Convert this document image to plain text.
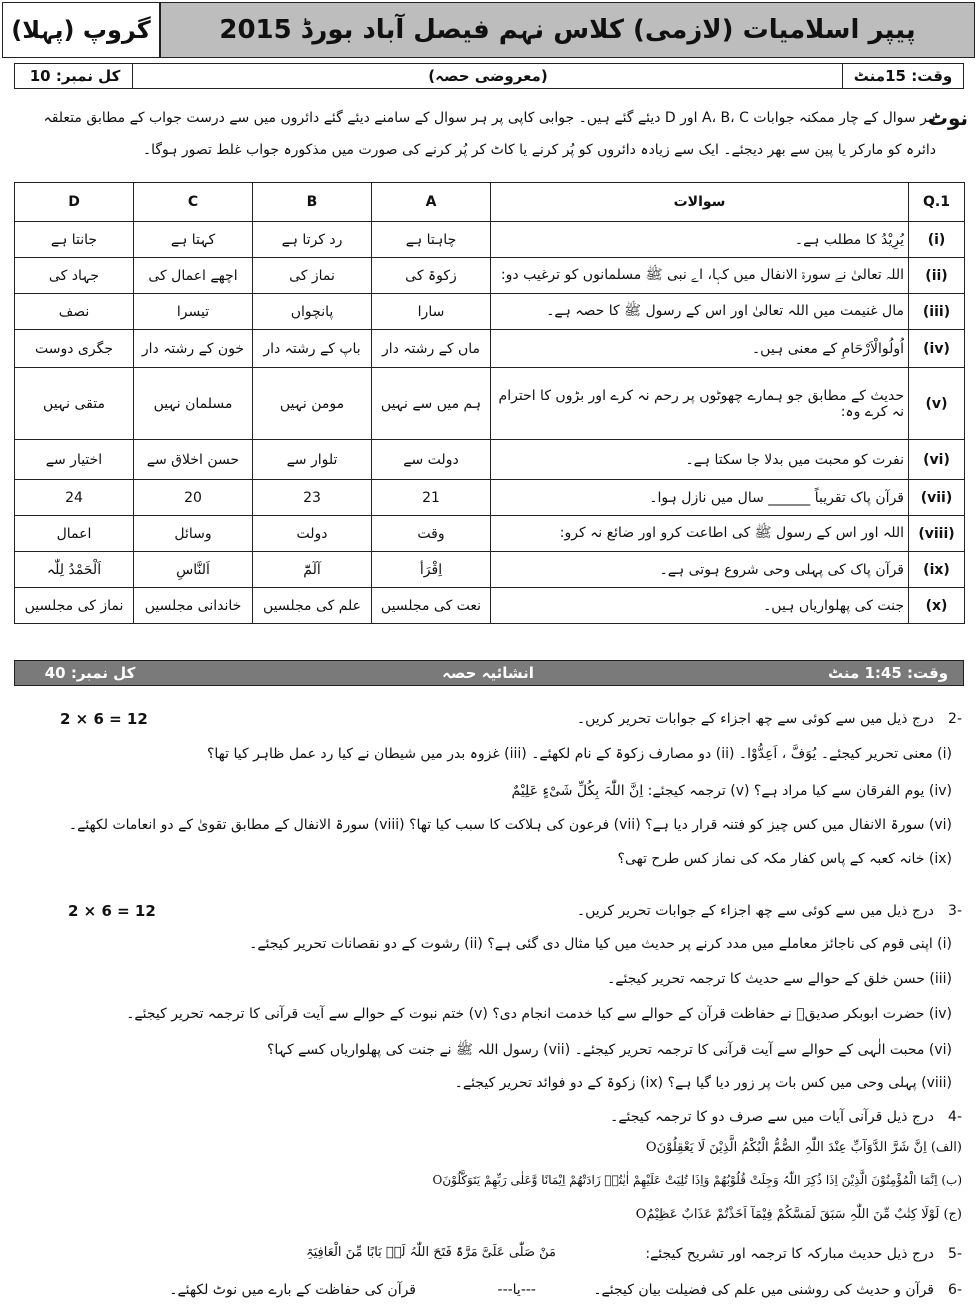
پیپر اسلامیات (لازمی) کلاس نہم فیصل آباد بورڈ 2015
گروپ (پہلا)
وقت: 15منٹ
(معروضی حصہ)
کل نمبر: 10
نوٹ
ہر سوال کے چار ممکنہ جوابات A، B، C اور D دیئے گئے ہیں۔ جوابی کاپی پر ہر سوال کے سامنے دیئے گئے دائروں میں سے درست جواب کے مطابق متعلقہ
دائرہ کو مارکر یا پین سے بھر دیجئے۔ ایک سے زیادہ دائروں کو پُر کرنے یا کاٹ کر پُر کرنے کی صورت میں مذکورہ جواب غلط تصور ہوگا۔
Q.1	سوالات	A	B	C	D
(i)	یُرِیْدُ کا مطلب ہے۔	چاہتا ہے	رد کرتا ہے	کہتا ہے	جانتا ہے
(ii)	اللہ تعالیٰ نے سورۃ الانفال میں کہا، اے نبی ﷺ مسلمانوں کو ترغیب دو:	زکوۃ کی	نماز کی	اچھے اعمال کی	جہاد کی
(iii)	مال غنیمت میں اللہ تعالیٰ اور اس کے رسول ﷺ کا حصہ ہے۔	سارا	پانچواں	تیسرا	نصف
(iv)	اُولُوالْاَرْحَامِ کے معنی ہیں۔	ماں کے رشتہ دار	باپ کے رشتہ دار	خون کے رشتہ دار	جگری دوست
(v)	حدیث کے مطابق جو ہمارے چھوٹوں پر رحم نہ کرے اور بڑوں کا احترام نہ کرے وہ:	ہم میں سے نہیں	مومن نہیں	مسلمان نہیں	متقی نہیں
(vi)	نفرت کو محبت میں بدلا جا سکتا ہے۔	دولت سے	تلوار سے	حسن اخلاق سے	اختیار سے
(vii)	قرآن پاک تقریباً ______ سال میں نازل ہوا۔	21	23	20	24
(viii)	اللہ اور اس کے رسول ﷺ کی اطاعت کرو اور ضائع نہ کرو:	وقت	دولت	وسائل	اعمال
(ix)	قرآن پاک کی پہلی وحی شروع ہوتی ہے۔	اِقْرَأ	آلٓمّٓ	اَلنَّاسِ	اَلْحَمْدُ لِلّٰہ
(x)	جنت کی پھلواریاں ہیں۔	نعت کی مجلسیں	علم کی مجلسیں	خاندانی مجلسیں	نماز کی مجلسیں
وقت: 1:45 منٹ
انشائیہ حصہ
کل نمبر: 40
-2
درج ذیل میں سے کوئی سے چھ اجزاء کے جوابات تحریر کریں۔
2 × 6 = 12
(i) معنی تحریر کیجئے۔ یُوَفَّ ، اَعِدُّوْا۔ (ii) دو مصارف زکوۃ کے نام لکھئے۔ (iii) غزوہ بدر میں شیطان نے کیا رد عمل ظاہر کیا تھا؟
(iv) یوم الفرقان سے کیا مراد ہے؟ (v) ترجمہ کیجئے: اِنَّ اللّٰہَ بِکُلِّ شَیْءٍ عَلِیْمٌ
(vi) سورۃ الانفال میں کس چیز کو فتنہ قرار دیا ہے؟ (vii) فرعون کی ہلاکت کا سبب کیا تھا؟ (viii) سورۃ الانفال کے مطابق تقویٰ کے دو انعامات لکھئے۔
(ix) خانہ کعبہ کے پاس کفار مکہ کی نماز کس طرح تھی؟
-3
درج ذیل میں سے کوئی سے چھ اجزاء کے جوابات تحریر کریں۔
2 × 6 = 12
(i) اپنی قوم کی ناجائز معاملے میں مدد کرنے پر حدیث میں کیا مثال دی گئی ہے؟ (ii) رشوت کے دو نقصانات تحریر کیجئے۔
(iii) حسن خلق کے حوالے سے حدیث کا ترجمہ تحریر کیجئے۔
(iv) حضرت ابوبکر صدیقؓ نے حفاظت قرآن کے حوالے سے کیا خدمت انجام دی؟ (v) ختم نبوت کے حوالے سے آیت قرآنی کا ترجمہ تحریر کیجئے۔
(vi) محبت الٰہی کے حوالے سے آیت قرآنی کا ترجمہ تحریر کیجئے۔ (vii) رسول اللہ ﷺ نے جنت کی پھلواریاں کسے کہا؟
(viii) پہلی وحی میں کس بات پر زور دیا گیا ہے؟ (ix) زکوۃ کے دو فوائد تحریر کیجئے۔
-4
درج ذیل قرآنی آیات میں سے صرف دو کا ترجمہ کیجئے۔
(الف) اِنَّ شَرَّ الدَّوَآبِّ عِنْدَ اللّٰہِ الصُّمُّ الْبُکْمُ الَّذِیْنَ لَا یَعْقِلُوْنَO
(ب) اِنَّمَا الْمُؤْمِنُوْنَ الَّذِیْنَ اِذَا ذُکِرَ اللّٰہُ وَجِلَتْ قُلُوْبُھُمْ وَاِذَا تُلِیَتْ عَلَیْھِمْ اٰیٰتُہٗ زَادَتْھُمْ اِیْمَانًا وَّعَلٰی رَبِّھِمْ یَتَوَکَّلُوْنَO
(ج) لَوْلَا کِتٰبٌ مِّنَ اللّٰہِ سَبَقَ لَمَسَّکُمْ فِیْمَآ اَخَذْتُمْ عَذَابٌ عَظِیْمٌO
-5
درج ذیل حدیث مبارکہ کا ترجمہ اور تشریح کیجئے:
مَنْ صَلّٰی عَلَیَّ مَرَّۃً فَتَحَ اللّٰہُ لَہٗ بَابًا مِّنَ الْعَافِیَۃِ
-6
قرآن و حدیث کی روشنی میں علم کی فضیلت بیان کیجئے۔
---یا---
قرآن کی حفاظت کے بارے میں نوٹ لکھئے۔
